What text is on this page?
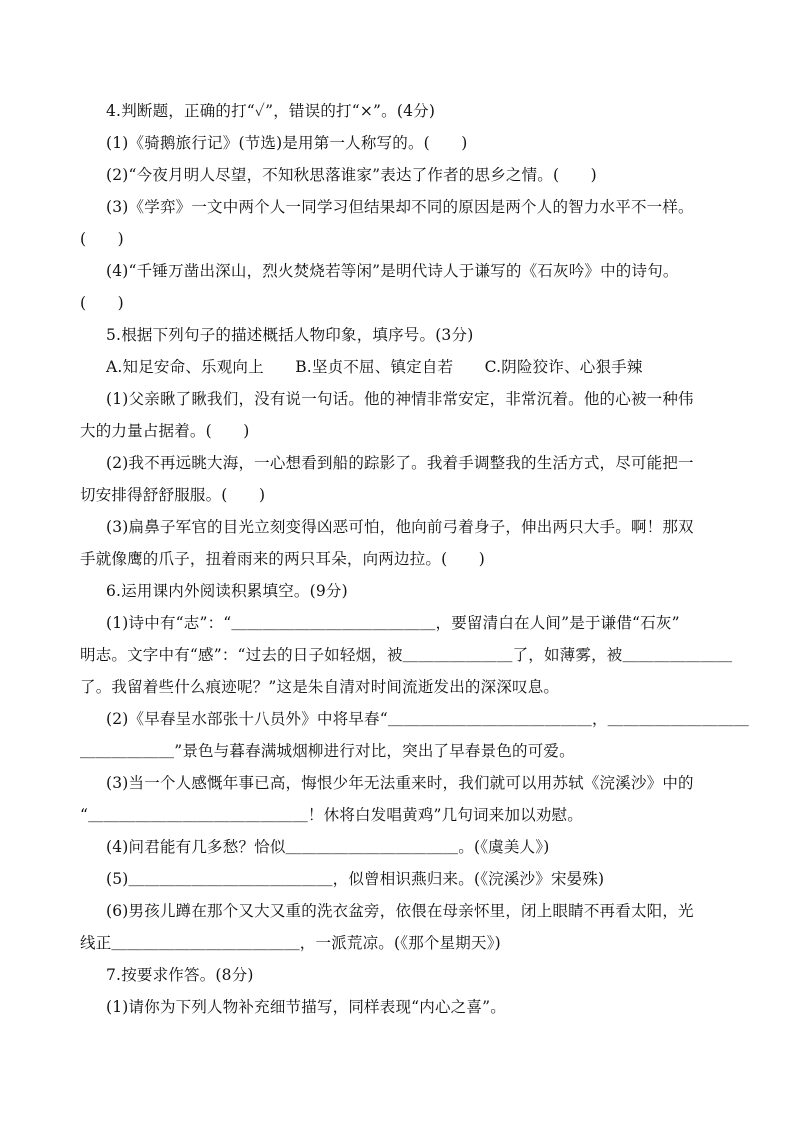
4.判断题，正确的打“✓”，错误的打“×”。(4分)
(1)《骑鹅旅行记》(节选)是用第一人称写的。(　　)
(2)“今夜月明人尽望，不知秋思落谁家”表达了作者的思乡之情。(　　)
(3)《学弈》一文中两个人一同学习但结果却不同的原因是两个人的智力水平不一样。
(　　)
(4)“千锤万凿出深山，烈火焚烧若等闲”是明代诗人于谦写的《石灰吟》中的诗句。
(　　)
5.根据下列句子的描述概括人物印象，填序号。(3分)
A.知足安命、乐观向上　　B.坚贞不屈、镇定自若　　C.阴险狡诈、心狠手辣
(1)父亲瞅了瞅我们，没有说一句话。他的神情非常安定，非常沉着。他的心被一种伟
大的力量占据着。(　　)
(2)我不再远眺大海，一心想看到船的踪影了。我着手调整我的生活方式，尽可能把一
切安排得舒舒服服。(　　)
(3)扁鼻子军官的目光立刻变得凶恶可怕，他向前弓着身子，伸出两只大手。啊！那双
手就像鹰的爪子，扭着雨来的两只耳朵，向两边拉。(　　)
6.运用课内外阅读积累填空。(9分)
(1)诗中有“志”：“＿＿＿＿＿＿＿＿＿＿＿＿＿，要留清白在人间”是于谦借“石灰”
明志。文字中有“感”：“过去的日子如轻烟，被＿＿＿＿＿＿＿了，如薄雾，被＿＿＿＿＿＿＿
了。我留着些什么痕迹呢？”这是朱自清对时间流逝发出的深深叹息。
(2)《早春呈水部张十八员外》中将早春“＿＿＿＿＿＿＿＿＿＿＿＿＿，＿＿＿＿＿＿＿＿＿
＿＿＿＿＿＿”景色与暮春满城烟柳进行对比，突出了早春景色的可爱。
(3)当一个人感慨年事已高，悔恨少年无法重来时，我们就可以用苏轼《浣溪沙》中的
“＿＿＿＿＿＿＿＿＿＿＿＿＿＿！休将白发唱黄鸡”几句词来加以劝慰。
(4)问君能有几多愁？恰似＿＿＿＿＿＿＿＿＿＿＿。(《虞美人》)
(5)＿＿＿＿＿＿＿＿＿＿＿＿＿，似曾相识燕归来。(《浣溪沙》宋晏殊)
(6)男孩儿蹲在那个又大又重的洗衣盆旁，依偎在母亲怀里，闭上眼睛不再看太阳，光
线正＿＿＿＿＿＿＿＿＿＿＿＿，一派荒凉。(《那个星期天》)
7.按要求作答。(8分)
(1)请你为下列人物补充细节描写，同样表现“内心之喜”。
